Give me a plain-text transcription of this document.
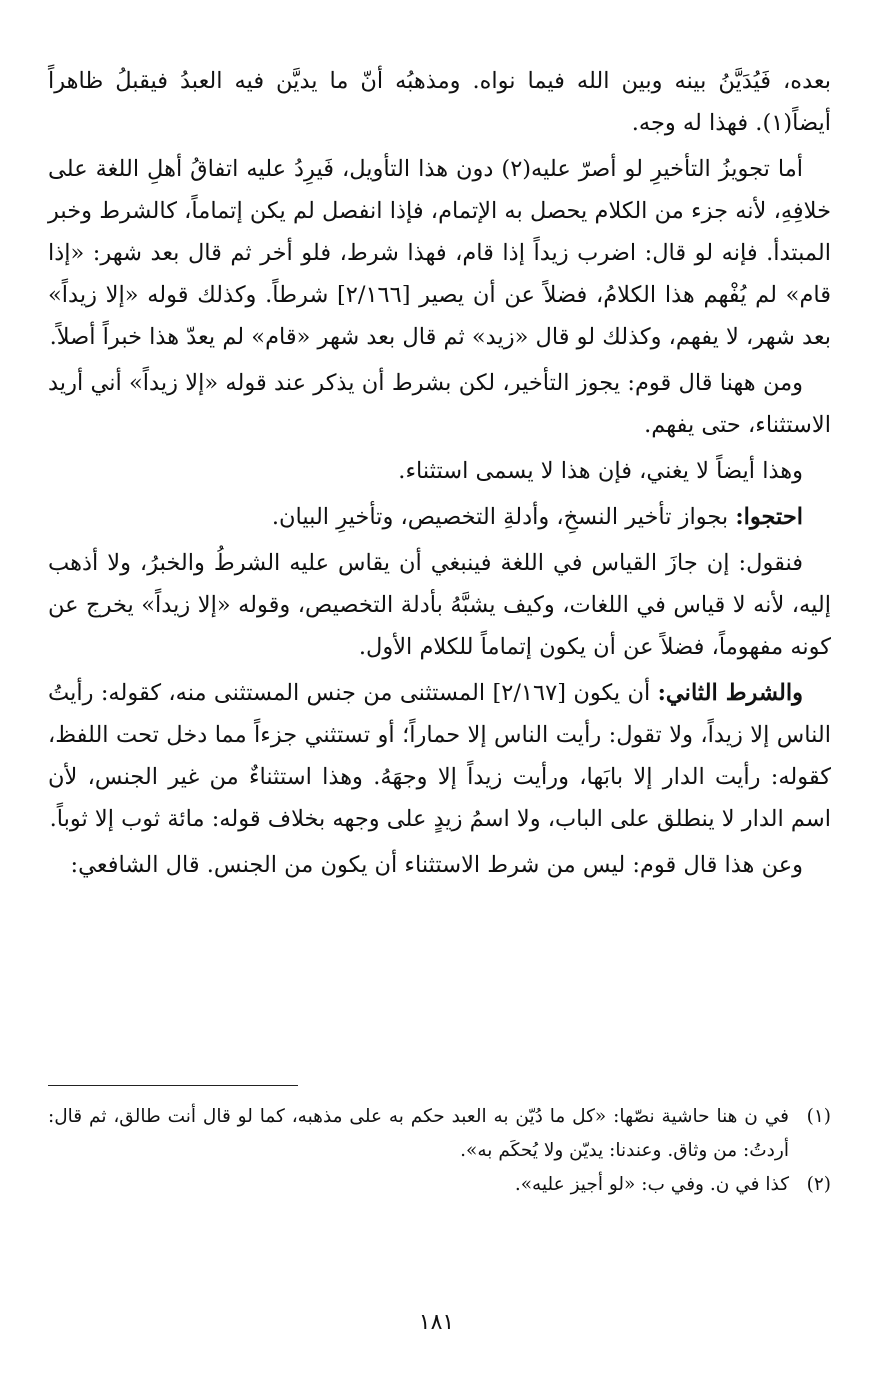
بعده، فَيُدَيَّنُ بينه وبين الله فيما نواه. ومذهبُه أنّ ما يديَّن فيه العبدُ فيقبلُ ظاهراً أيضاً(١). فهذا له وجه.

أما تجويزُ التأخيرِ لو أصرّ عليه(٢) دون هذا التأويل، فَيرِدُ عليه اتفاقُ أهلِ اللغة على خلافِهِ، لأنه جزء من الكلام يحصل به الإتمام، فإذا انفصل لم يكن إتماماً، كالشرط وخبر المبتدأ. فإنه لو قال: اضرب زيداً إذا قام، فهذا شرط، فلو أخر ثم قال بعد شهر: «إذا قام» لم يُفْهم هذا الكلامُ، فضلاً عن أن يصير [٢/١٦٦] شرطاً. وكذلك قوله «إلا زيداً» بعد شهر، لا يفهم، وكذلك لو قال «زيد» ثم قال بعد شهر «قام» لم يعدّ هذا خبراً أصلاً.

ومن ههنا قال قوم: يجوز التأخير، لكن بشرط أن يذكر عند قوله «إلا زيداً» أني أريد الاستثناء، حتى يفهم.

وهذا أيضاً لا يغني، فإن هذا لا يسمى استثناء.

احتجوا: بجواز تأخير النسخِ، وأدلةِ التخصيص، وتأخيرِ البيان.

فنقول: إن جازَ القياس في اللغة فينبغي أن يقاس عليه الشرطُ والخبرُ، ولا أذهب إليه، لأنه لا قياس في اللغات، وكيف يشبَّهُ بأدلة التخصيص، وقوله «إلا زيداً» يخرج عن كونه مفهوماً، فضلاً عن أن يكون إتماماً للكلام الأول.

والشرط الثاني: أن يكون [٢/١٦٧] المستثنى من جنس المستثنى منه، كقوله: رأيتُ الناس إلا زيداً، ولا تقول: رأيت الناس إلا حماراً؛ أو تستثني جزءاً مما دخل تحت اللفظ، كقوله: رأيت الدار إلا بابَها، ورأيت زيداً إلا وجهَهُ. وهذا استثناءٌ من غير الجنس، لأن اسم الدار لا ينطلق على الباب، ولا اسمُ زيدٍ على وجهه بخلاف قوله: مائة ثوب إلا ثوباً.

وعن هذا قال قوم: ليس من شرط الاستثناء أن يكون من الجنس. قال الشافعي:

(١)
في ن هنا حاشية نصّها: «كل ما دُيّن به العبد حكم به على مذهبه، كما لو قال أنت طالق، ثم قال: أردتُ: من وثاق. وعندنا: يديّن ولا يُحكَم به».
(٢)
كذا في ن. وفي ب: «لو أجيز عليه».
١٨١
